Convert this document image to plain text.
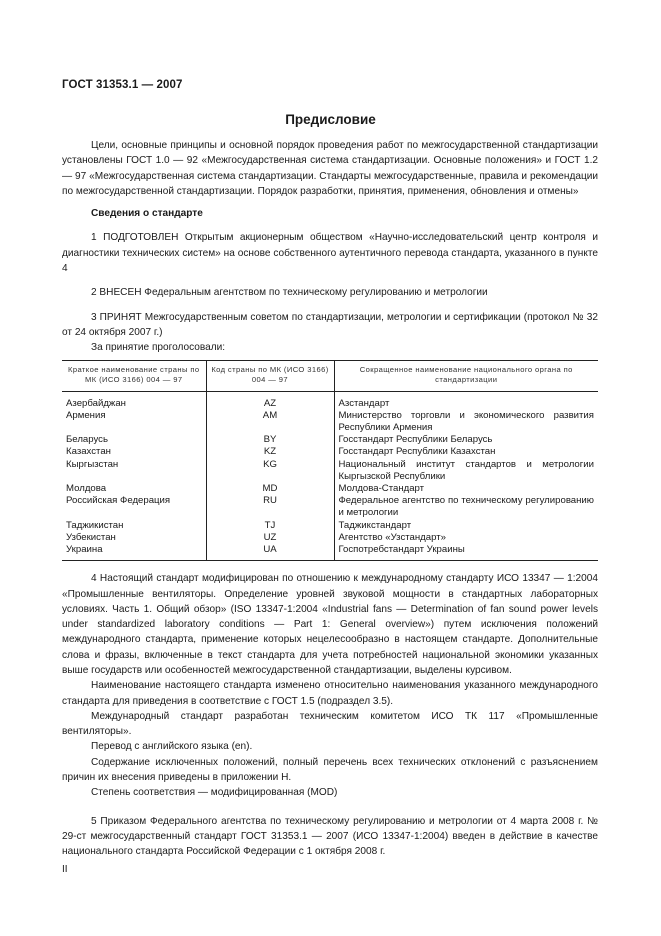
ГОСТ 31353.1 — 2007
Предисловие

Цели, основные принципы и основной порядок проведения работ по межгосударственной стандартизации установлены ГОСТ 1.0 — 92 «Межгосударственная система стандартизации. Основные положения» и ГОСТ 1.2 — 97 «Межгосударственная система стандартизации. Стандарты межгосударственные, правила и рекомендации по межгосударственной стандартизации. Порядок разработки, принятия, применения, обновления и отмены»

Сведения о стандарте

1 ПОДГОТОВЛЕН Открытым акционерным обществом «Научно-исследовательский центр контроля и диагностики технических систем» на основе собственного аутентичного перевода стандарта, указанного в пункте 4

2 ВНЕСЕН Федеральным агентством по техническому регулированию и метрологии

3 ПРИНЯТ Межгосударственным советом по стандартизации, метрологии и сертификации (протокол № 32 от 24 октября 2007 г.)

За принятие проголосовали:

Краткое наименование страны по МК (ИСО 3166) 004 — 97	Код страны по МК (ИСО 3166) 004 — 97	Сокращенное наименование национального органа по стандартизации
Азербайджан	AZ	Азстандарт
Армения	AM	Министерство торговли и экономического развития Республики Армения
Беларусь	BY	Госстандарт Республики Беларусь
Казахстан	KZ	Госстандарт Республики Казахстан
Кыргызстан	KG	Национальный институт стандартов и метрологии Кыргызской Республики
Молдова	MD	Молдова-Стандарт
Российская Федерация	RU	Федеральное агентство по техническому регулированию и метрологии
Таджикистан	TJ	Таджикстандарт
Узбекистан	UZ	Агентство «Узстандарт»
Украина	UA	Госпотребстандарт Украины

4 Настоящий стандарт модифицирован по отношению к международному стандарту ИСО 13347 — 1:2004 «Промышленные вентиляторы. Определение уровней звуковой мощности в стандартных лабораторных условиях. Часть 1. Общий обзор» (ISO 13347-1:2004 «Industrial fans — Determination of fan sound power levels under standardized laboratory conditions — Part 1: General overview») путем исключения положений международного стандарта, применение которых нецелесообразно в настоящем стандарте. Дополнительные слова и фразы, включенные в текст стандарта для учета потребностей национальной экономики указанных выше государств или особенностей межгосударственной стандартизации, выделены курсивом.

Наименование настоящего стандарта изменено относительно наименования указанного международного стандарта для приведения в соответствие с ГОСТ 1.5 (подраздел 3.5).

Международный стандарт разработан техническим комитетом ИСО ТК 117 «Промышленные вентиляторы».

Перевод с английского языка (en).

Содержание исключенных положений, полный перечень всех технических отклонений с разъяснением причин их внесения приведены в приложении Н.

Степень соответствия — модифицированная (MOD)

5 Приказом Федерального агентства по техническому регулированию и метрологии от 4 марта 2008 г. № 29-ст межгосударственный стандарт ГОСТ 31353.1 — 2007 (ИСО 13347-1:2004) введен в действие в качестве национального стандарта Российской Федерации с 1 октября 2008 г.

II
